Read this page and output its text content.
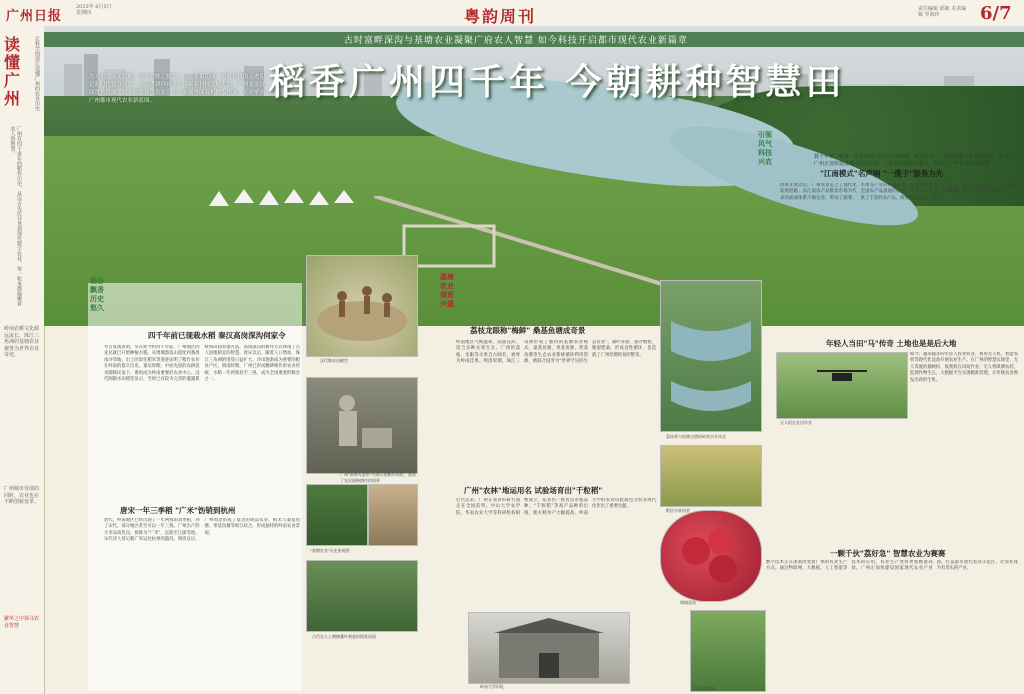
广州日报
2025年 6月5日 星期四	粤韵周刊	责任编辑 邱敏 美术编辑 罗海珍	6/7
读懂广州	让科学阅读让读懂广州的农业历史
广州有四千多年的稻作历史，从远古先民开垦到现代数字农业，每一粒米都凝聚着农人的智慧。
岭南农耕文化源远流长，珠江三角洲的基塘农业被誉为世界农业奇迹。
广州城市发展的同时，农业也在不断创新变革。
繁华之中探寻农业智慧
古时富畔深沟与基塘农业凝聚广府农人智慧 如今科技开启都市现代农业新篇章
稻香广州四千年 今朝耕种智慧田
先人们，人工智能，无人驾驶，数字……一张稻田图，旧时农耕的古老印记和时代智慧应用。从远古耕种到今天，乘着科技发展大潮，广州农业持续蓬勃发展，数字赋能现代农业、无人农场里面有机器人作业，正在擘画广州都市现代农业新蓝图。
数千年来，稻米一直是岭南人民的主要粮食，从古至今，广州的农耕文化源远流长。如今，广州正加快建设都市现代农业，让科技赋能乡村振兴，稻香之中孕育着新的希望。
稻谷飘香 历史悠久
四千年前已现栽水稻 秦汉高岗深沟伺家令
考古发现表明，早在距今约四千年前，广州地区的先民就已开始种植水稻。从增城墨依山遗址到番禺南沙等地，出土的炭化稻米等遗迹证明了稻作农业在岭南的悠久历史。秦汉时期，中原先进的农耕技术随移民南下，番禺成为岭南重要的农业中心。汉代陶制水田模型显示，当时已有较为完善的灌溉系统和田间管理方法，高岗深沟的耕作方式体现了古人因地制宜的智慧。唐宋以后，随着人口增加，珠江三角洲的围垦日益扩大，沙田逐渐成为重要的粮食产区。明清时期，广州已形成精耕细作的农业传统，水稻一年两熟甚至三熟，成为全国重要的粮仓之一。
唐宋一年三季稻 "广米"饬销到杭州
唐代，岭南地区已经出现了一年两熟的双季稻，到了宋代，部分地区甚至可以一年三熟。广州出产的大米品质优良，被称为"广米"，远销至江浙等地。宋代诗人曾记载广米运往杭州的盛况。明清以后，广州周边形成了发达的商品农业，稻米与桑基鱼塘、果基鱼塘等相互结合，形成独特的岭南农业景观。
汉代陶水田模型
广州"南粤先贤馆"内展示的稻作场景，表现了先民插秧耕作的情景
"基塘农业"历史景观图
古代农人上塘摘桑叶喂蚕的情景再现
基塘农业 商贸兴盛
荔枝龙眼称"梅鲜" 桑基鱼塘成奇景
岭南地区气候温和，雨量充沛，适合多种水果生长。广州的荔枝、龙眼等水果自古闻名，被誉为岭南佳果。明清时期，珠江三角洲形成了独特的基塘农业模式，桑基鱼塘、果基鱼塘、蔗基鱼塘等生态农业系统循环利用资源，被联合国誉为"世界罕见的生态农业"。桑叶养蚕，蚕沙喂鱼，塘泥肥桑，形成良性循环，也造就了广州丝绸贸易的繁荣。
广州"农林"地运用名 试验场育出"千粒稻"
近代以来，广州在农业科研方面走在全国前列。中山大学农学院、华南农业大学等科研机构相继成立，培育出一批优良水稻品种。"千粒稻"等高产品种的出现，使水稻单产大幅提高。岭南大学的农业试验场也为农业现代化作出了重要贡献。
荔枝林与鱼塘交错的岭南水乡风光
稻田丰收场景
增城荔枝
岭南大学旧址
引领风气 科技兴农
"江南模式"名声响 "一揽子"服务为先
改革开放以后，广州农业走上了现代化发展道路。以江南农产品批发市场为代表的流通体系不断完善，带动了蔬菜、水果等产业的快速发展。江南模式成为全国农产品流通的标杆，为城市居民提供了丰富的农产品。政府部门通过"一揽子"服务，帮助农民解决生产、销售等环节的难题，推动农业产业化经营。
年轻人当田"马"传奇 土地也是是后大地
无人机在农田作业
如今，越来越多的年轻人投身农业，利用无人机、智能农机等现代化设备开展农业生产。在广州的智慧农场里，无人驾驶的插秧机、收割机在田间作业，无人机喷洒农药、监测作物生长，大数据平台实现精准管理，让传统农业焕发出新的生机。
一颗千伙"荔好急" 智慧农业为赛赛
数字技术正在深刻改变着广州的农业生产方式。通过物联网、大数据、人工智能等技术的应用，农业生产变得更加精准高效。广州正加快建设国家现代农业产业园，打造都市现代农业示范区，让农业成为有奔头的产业。
农民采摘荔枝
